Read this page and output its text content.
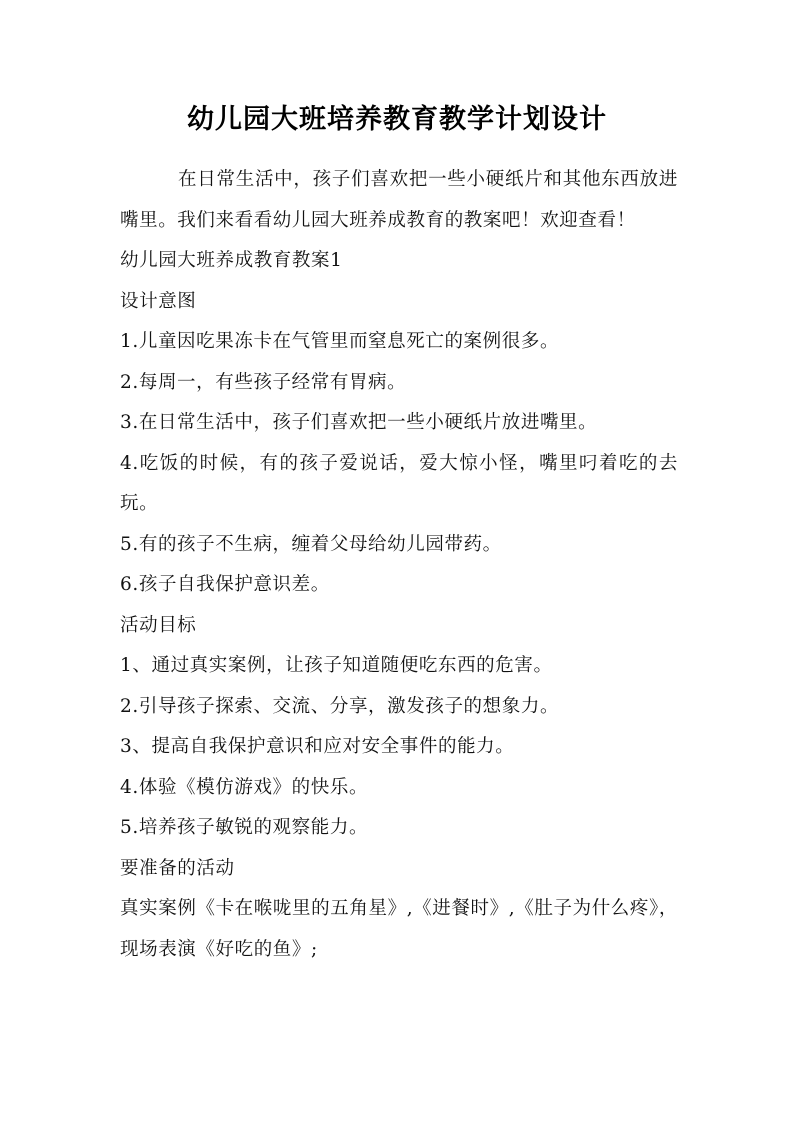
幼儿园大班培养教育教学计划设计

在日常生活中，孩子们喜欢把一些小硬纸片和其他东西放进嘴里。我们来看看幼儿园大班养成教育的教案吧！欢迎查看！

幼儿园大班养成教育教案1

设计意图

1.儿童因吃果冻卡在气管里而窒息死亡的案例很多。

2.每周一，有些孩子经常有胃病。

3.在日常生活中，孩子们喜欢把一些小硬纸片放进嘴里。

4.吃饭的时候，有的孩子爱说话，爱大惊小怪，嘴里叼着吃的去玩。

5.有的孩子不生病，缠着父母给幼儿园带药。

6.孩子自我保护意识差。

活动目标

1、通过真实案例，让孩子知道随便吃东西的危害。

2.引导孩子探索、交流、分享，激发孩子的想象力。

3、提高自我保护意识和应对安全事件的能力。

4.体验《模仿游戏》的快乐。

5.培养孩子敏锐的观察能力。

要准备的活动

真实案例《卡在喉咙里的五角星》,《进餐时》,《肚子为什么疼》，现场表演《好吃的鱼》;
